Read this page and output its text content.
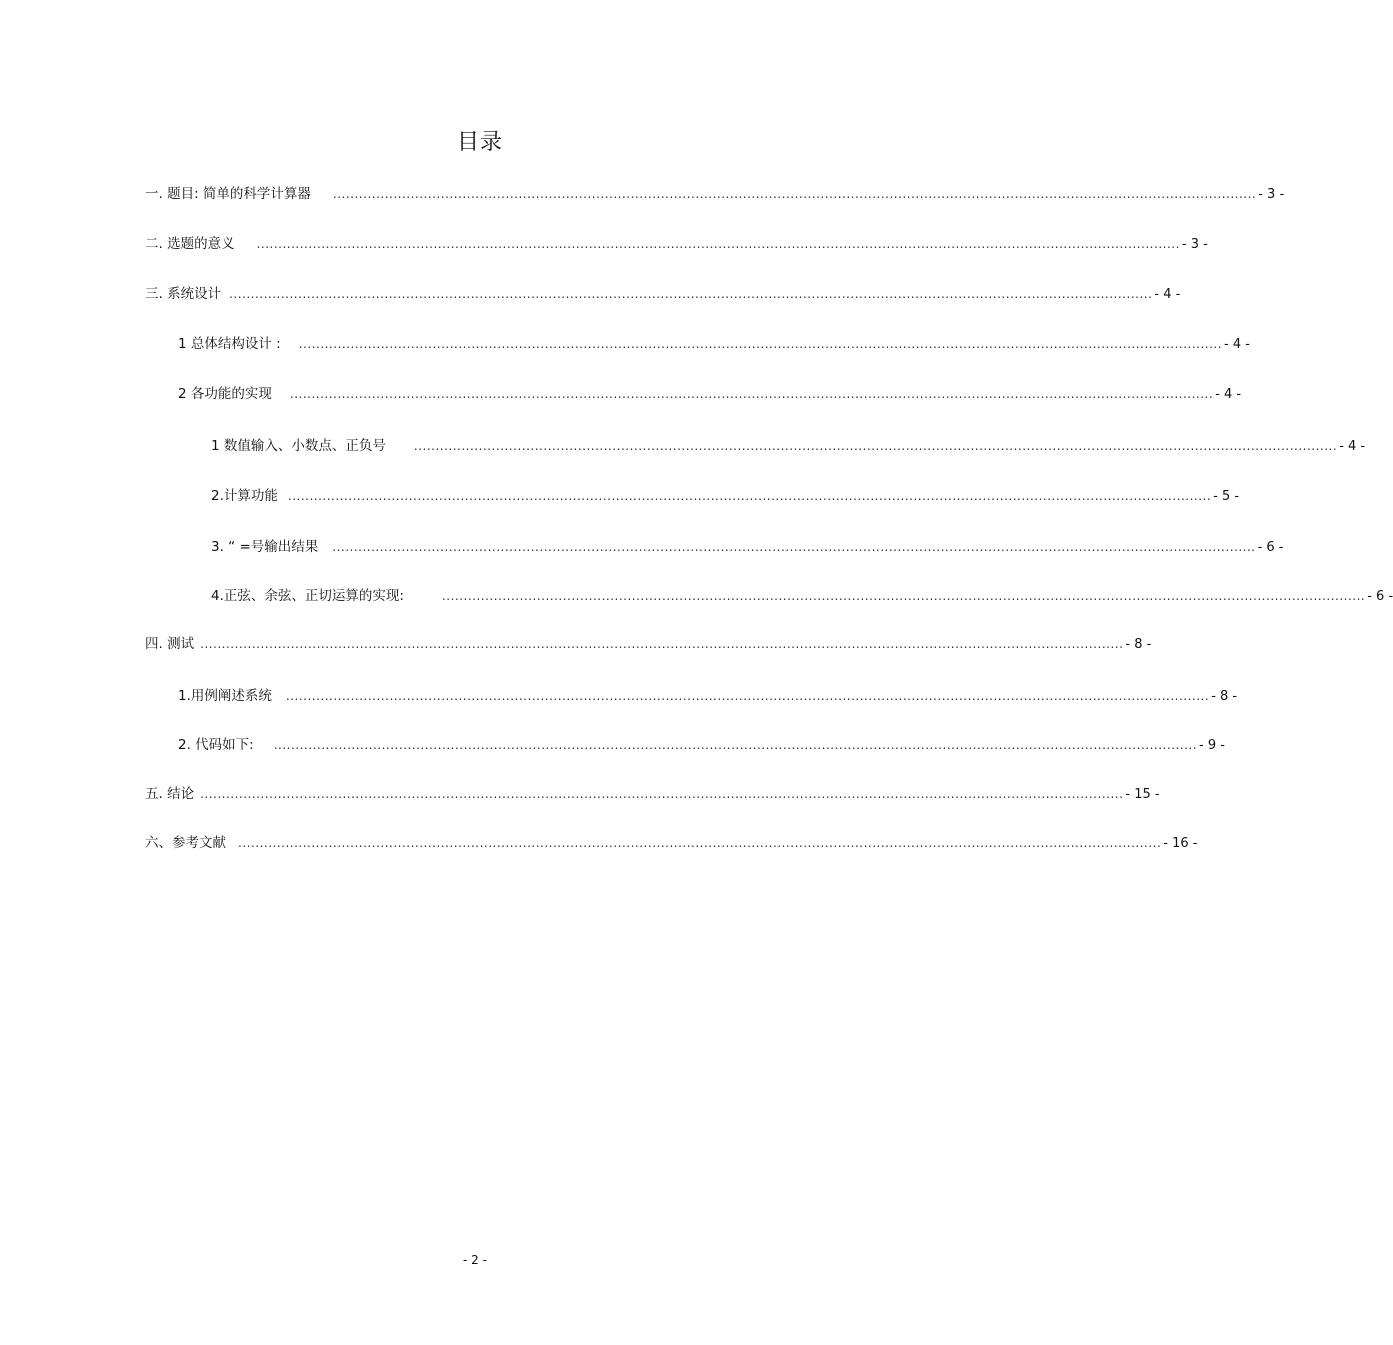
目录
一. 题目: 简单的科学计算器 ...................................................................................................................................................................................................................... - 3 -
二. 选题的意义 ...................................................................................................................................................................................................................... - 3 -
三. 系统设计 ...................................................................................................................................................................................................................... - 4 -
1 总体结构设计 : ...................................................................................................................................................................................................................... - 4 -
2 各功能的实现 ...................................................................................................................................................................................................................... - 4 -
1 数值输入、小数点、正负号 ...................................................................................................................................................................................................................... - 4 -
2.计算功能 ...................................................................................................................................................................................................................... - 5 -
3. “ =号输出结果 ...................................................................................................................................................................................................................... - 6 -
4.正弦、余弦、正切运算的实现:	...................................................................................................................................................................................................................... - 6 -
四. 测试 ...................................................................................................................................................................................................................... - 8 -
1.用例阐述系统 ...................................................................................................................................................................................................................... - 8 -
2. 代码如下: ...................................................................................................................................................................................................................... - 9 -
五. 结论 ...................................................................................................................................................................................................................... - 15 -
六、参考文献 ...................................................................................................................................................................................................................... - 16 -
- 2 -
